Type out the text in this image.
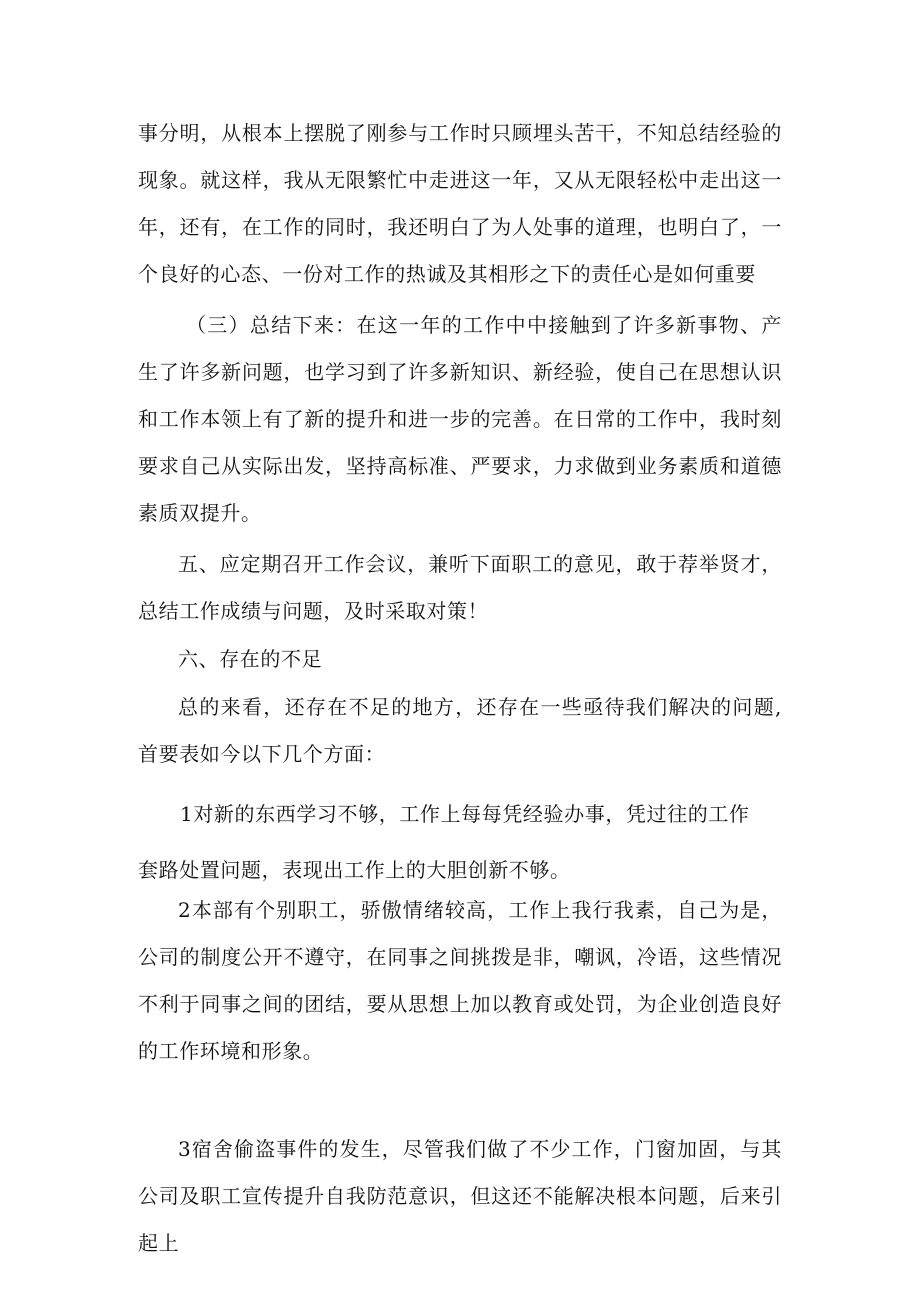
事分明，从根本上摆脱了刚参与工作时只顾埋头苦干，不知总结经验的现象。就这样，我从无限繁忙中走进这一年，又从无限轻松中走出这一年，还有，在工作的同时，我还明白了为人处事的道理，也明白了，一个良好的心态、一份对工作的热诚及其相形之下的责任心是如何重要

（三）总结下来：在这一年的工作中中接触到了许多新事物、产生了许多新问题，也学习到了许多新知识、新经验，使自己在思想认识和工作本领上有了新的提升和进一步的完善。在日常的工作中，我时刻要求自己从实际出发，坚持高标准、严要求，力求做到业务素质和道德素质双提升。

五、应定期召开工作会议，兼听下面职工的意见，敢于荐举贤才，总结工作成绩与问题，及时采取对策！

六、存在的不足

总的来看，还存在不足的地方，还存在一些亟待我们解决的问题,首要表如今以下几个方面：

1对新的东西学习不够，工作上每每凭经验办事，凭过往的工作

套路处置问题，表现出工作上的大胆创新不够。

2本部有个别职工，骄傲情绪较高，工作上我行我素，自己为是，公司的制度公开不遵守，在同事之间挑拨是非，嘲讽，冷语，这些情况不利于同事之间的团结，要从思想上加以教育或处罚，为企业创造良好的工作环境和形象。

3宿舍偷盗事件的发生，尽管我们做了不少工作，门窗加固，与其公司及职工宣传提升自我防范意识，但这还不能解决根本问题，后来引起上
